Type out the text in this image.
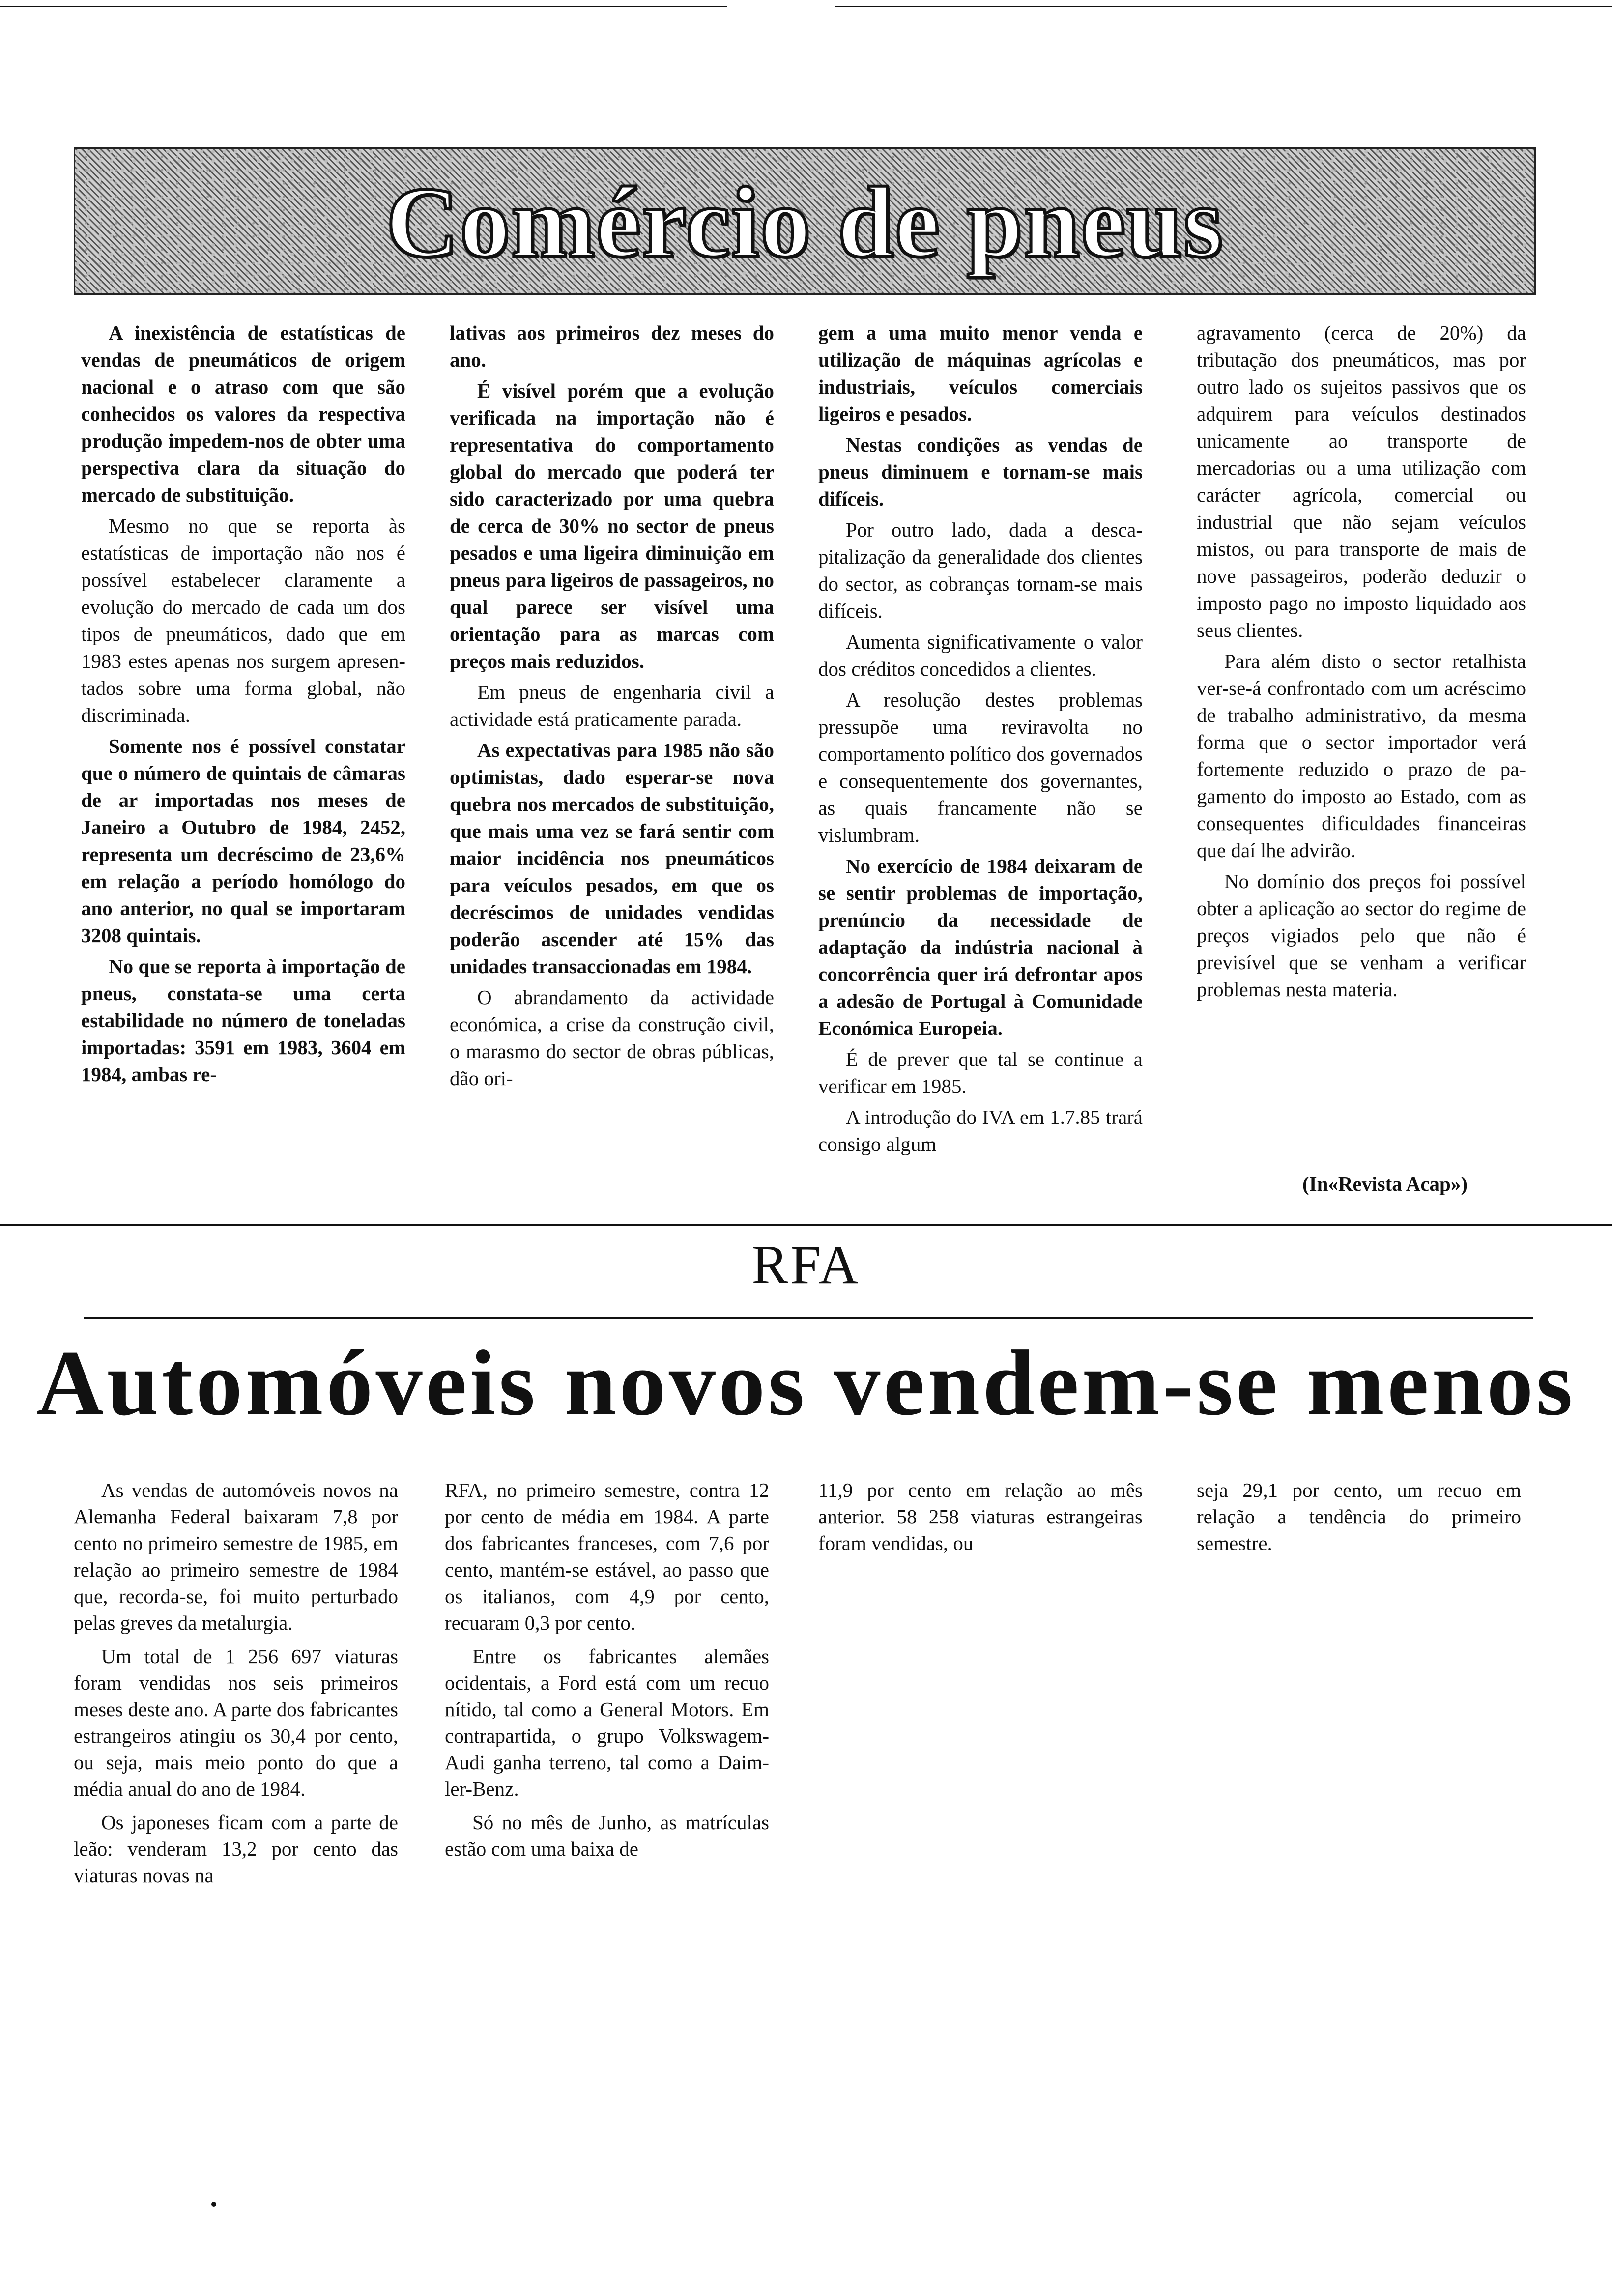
Comércio de pneus

A inexistência de estatísticas de vendas de pneumáticos de origem nacional e o atraso com que são conhecidos os valores da respectiva produção impedem-nos de obter uma perspectiva clara da situação do mercado de substituição.

Mesmo no que se reporta às estatísticas de importação não nos é possível estabelecer claramente a evolução do mercado de cada um dos tipos de pneumáticos, dado que em 1983 estes apenas nos surgem apresentados sobre uma forma global, não discriminada.

Somente nos é possível constatar que o número de quintais de câmaras de ar importadas nos meses de Janeiro a Outubro de 1984, 2452, representa um decréscimo de 23,6% em relação a período homólogo do ano anterior, no qual se importaram 3208 quintais.

No que se reporta à importação de pneus, constata-se uma certa estabilidade no número de toneladas importadas: 3591 em 1983, 3604 em 1984, ambas re-

lativas aos primeiros dez meses do ano.

É visível porém que a evolução verificada na importação não é representativa do comportamento global do mercado que poderá ter sido caracterizado por uma quebra de cerca de 30% no sector de pneus pesados e uma ligeira diminuição em pneus para ligeiros de passageiros, no qual parece ser visível uma orientação para as marcas com preços mais reduzidos.

Em pneus de engenharia civil a actividade está praticamente parada.

As expectativas para 1985 não são optimistas, dado esperar-se nova quebra nos mercados de substituição, que mais uma vez se fará sentir com maior incidência nos pneumáticos para veículos pesados, em que os decréscimos de unidades vendidas poderão ascender até 15% das unidades transaccionadas em 1984.

O abrandamento da actividade económica, a crise da construção civil, o marasmo do sector de obras públicas, dão ori-

gem a uma muito menor venda e utilização de máquinas agrícolas e industriais, veículos comerciais ligeiros e pesados.

Nestas condições as vendas de pneus diminuem e tornam-se mais difíceis.

Por outro lado, dada a descapitalização da generalidade dos clientes do sector, as cobranças tornam-se mais difíceis.

Aumenta significativamente o valor dos créditos concedidos a clientes.

A resolução destes problemas pressupõe uma reviravolta no comportamento político dos governados e consequentemente dos governantes, as quais francamente não se vislumbram.

No exercício de 1984 deixaram de se sentir problemas de importação, prenúncio da necessidade de adaptação da indústria nacional à concorrência quer irá defrontar apos a adesão de Portugal à Comunidade Económica Europeia.

É de prever que tal se continue a verificar em 1985.

A introdução do IVA em 1.7.85 trará consigo algum

agravamento (cerca de 20%) da tributação dos pneumáticos, mas por outro lado os sujeitos passivos que os adquirem para veículos destinados unicamente ao transporte de mercadorias ou a uma utilização com carácter agrícola, comercial ou industrial que não sejam veículos mistos, ou para transporte de mais de nove passageiros, poderão deduzir o imposto pago no imposto liquidado aos seus clientes.

Para além disto o sector retalhista ver-se-á confrontado com um acréscimo de trabalho administrativo, da mesma forma que o sector importador verá fortemente reduzido o prazo de pagamento do imposto ao Estado, com as consequentes dificuldades financeiras que daí lhe advirão.

No domínio dos preços foi possível obter a aplicação ao sector do regime de preços vigiados pelo que não é previsível que se venham a verificar problemas nesta materia.

(In«Revista Acap»)
RFA
Automóveis novos vendem-se menos

As vendas de automóveis novos na Alemanha Federal baixaram 7,8 por cento no primeiro semestre de 1985, em relação ao primeiro semestre de 1984 que, recorda-se, foi muito perturbado pelas greves da metalurgia.

Um total de 1 256 697 viaturas foram vendidas nos seis primeiros meses deste ano. A parte dos fabricantes estrangeiros atingiu os 30,4 por cento, ou seja, mais meio ponto do que a média anual do ano de 1984.

Os japoneses ficam com a parte de leão: venderam 13,2 por cento das viaturas novas na

RFA, no primeiro semestre, contra 12 por cento de média em 1984. A parte dos fabricantes franceses, com 7,6 por cento, mantém-se estável, ao passo que os italianos, com 4,9 por cento, recuaram 0,3 por cento.

Entre os fabricantes alemães ocidentais, a Ford está com um recuo nítido, tal como a General Motors. Em contrapartida, o grupo Volkswagem-Audi ganha terreno, tal como a Daimler-Benz.

Só no mês de Junho, as matrículas estão com uma baixa de

11,9 por cento em relação ao mês anterior. 58 258 viaturas estrangeiras foram vendidas, ou

seja 29,1 por cento, um recuo em relação a tendência do primeiro semestre.
